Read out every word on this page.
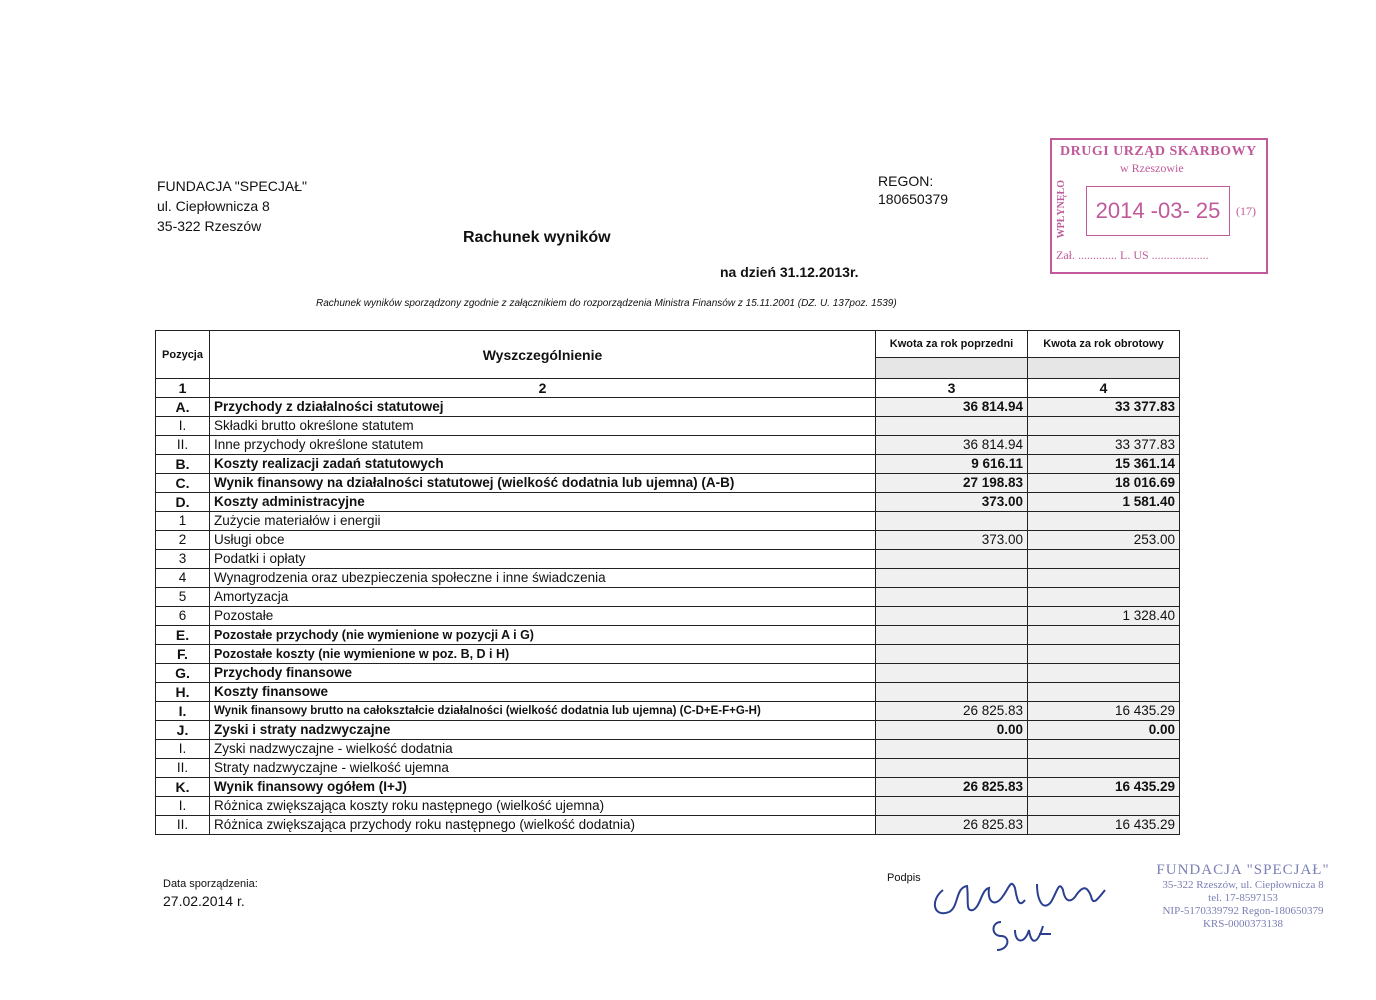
FUNDACJA "SPECJAŁ"
ul. Ciepłownicza 8
35-322 Rzeszów
REGON:
180650379
Rachunek wyników
na dzień 31.12.2013r.
Rachunek wyników sporządzony zgodnie z załącznikiem do rozporządzenia Ministra Finansów z 15.11.2001 (DZ. U. 137poz. 1539)
Pozycja	Wyszczególnienie	Kwota za rok poprzedni	Kwota za rok obrotowy

1	2	3	4
A.	Przychody z działalności statutowej	36 814.94	33 377.83
I.	Składki brutto określone statutem		
II.	Inne przychody określone statutem	36 814.94	33 377.83
B.	Koszty realizacji zadań statutowych	9 616.11	15 361.14
C.	Wynik finansowy na działalności statutowej (wielkość dodatnia lub ujemna) (A-B)	27 198.83	18 016.69
D.	Koszty administracyjne	373.00	1 581.40
1	Zużycie materiałów i energii		
2	Usługi obce	373.00	253.00
3	Podatki i opłaty		
4	Wynagrodzenia oraz ubezpieczenia społeczne i inne świadczenia		
5	Amortyzacja		
6	Pozostałe		1 328.40
E.	Pozostałe przychody (nie wymienione w pozycji A i G)		
F.	Pozostałe koszty (nie wymienione w poz. B, D i H)		
G.	Przychody finansowe		
H.	Koszty finansowe		
I.	Wynik finansowy brutto na całokształcie działalności (wielkość dodatnia lub ujemna) (C-D+E-F+G-H)	26 825.83	16 435.29
J.	Zyski i straty nadzwyczajne	0.00	0.00
I.	Zyski nadzwyczajne - wielkość dodatnia		
II.	Straty nadzwyczajne - wielkość ujemna		
K.	Wynik finansowy ogółem (I+J)	26 825.83	16 435.29
I.	Różnica zwiększająca koszty roku następnego (wielkość ujemna)		
II.	Różnica zwiększająca przychody roku następnego (wielkość dodatnia)	26 825.83	16 435.29
Data sporządzenia:
27.02.2014 r.
Podpis
DRUGI URZĄD SKARBOWY
w Rzeszowie
WPŁYNĘŁO	2014 -03- 25	(17)
Zał. ............. L. US ...................
FUNDACJA "SPECJAŁ"
35-322 Rzeszów, ul. Ciepłownicza 8
tel. 17-8597153
NIP-5170339792 Regon-180650379
KRS-0000373138
